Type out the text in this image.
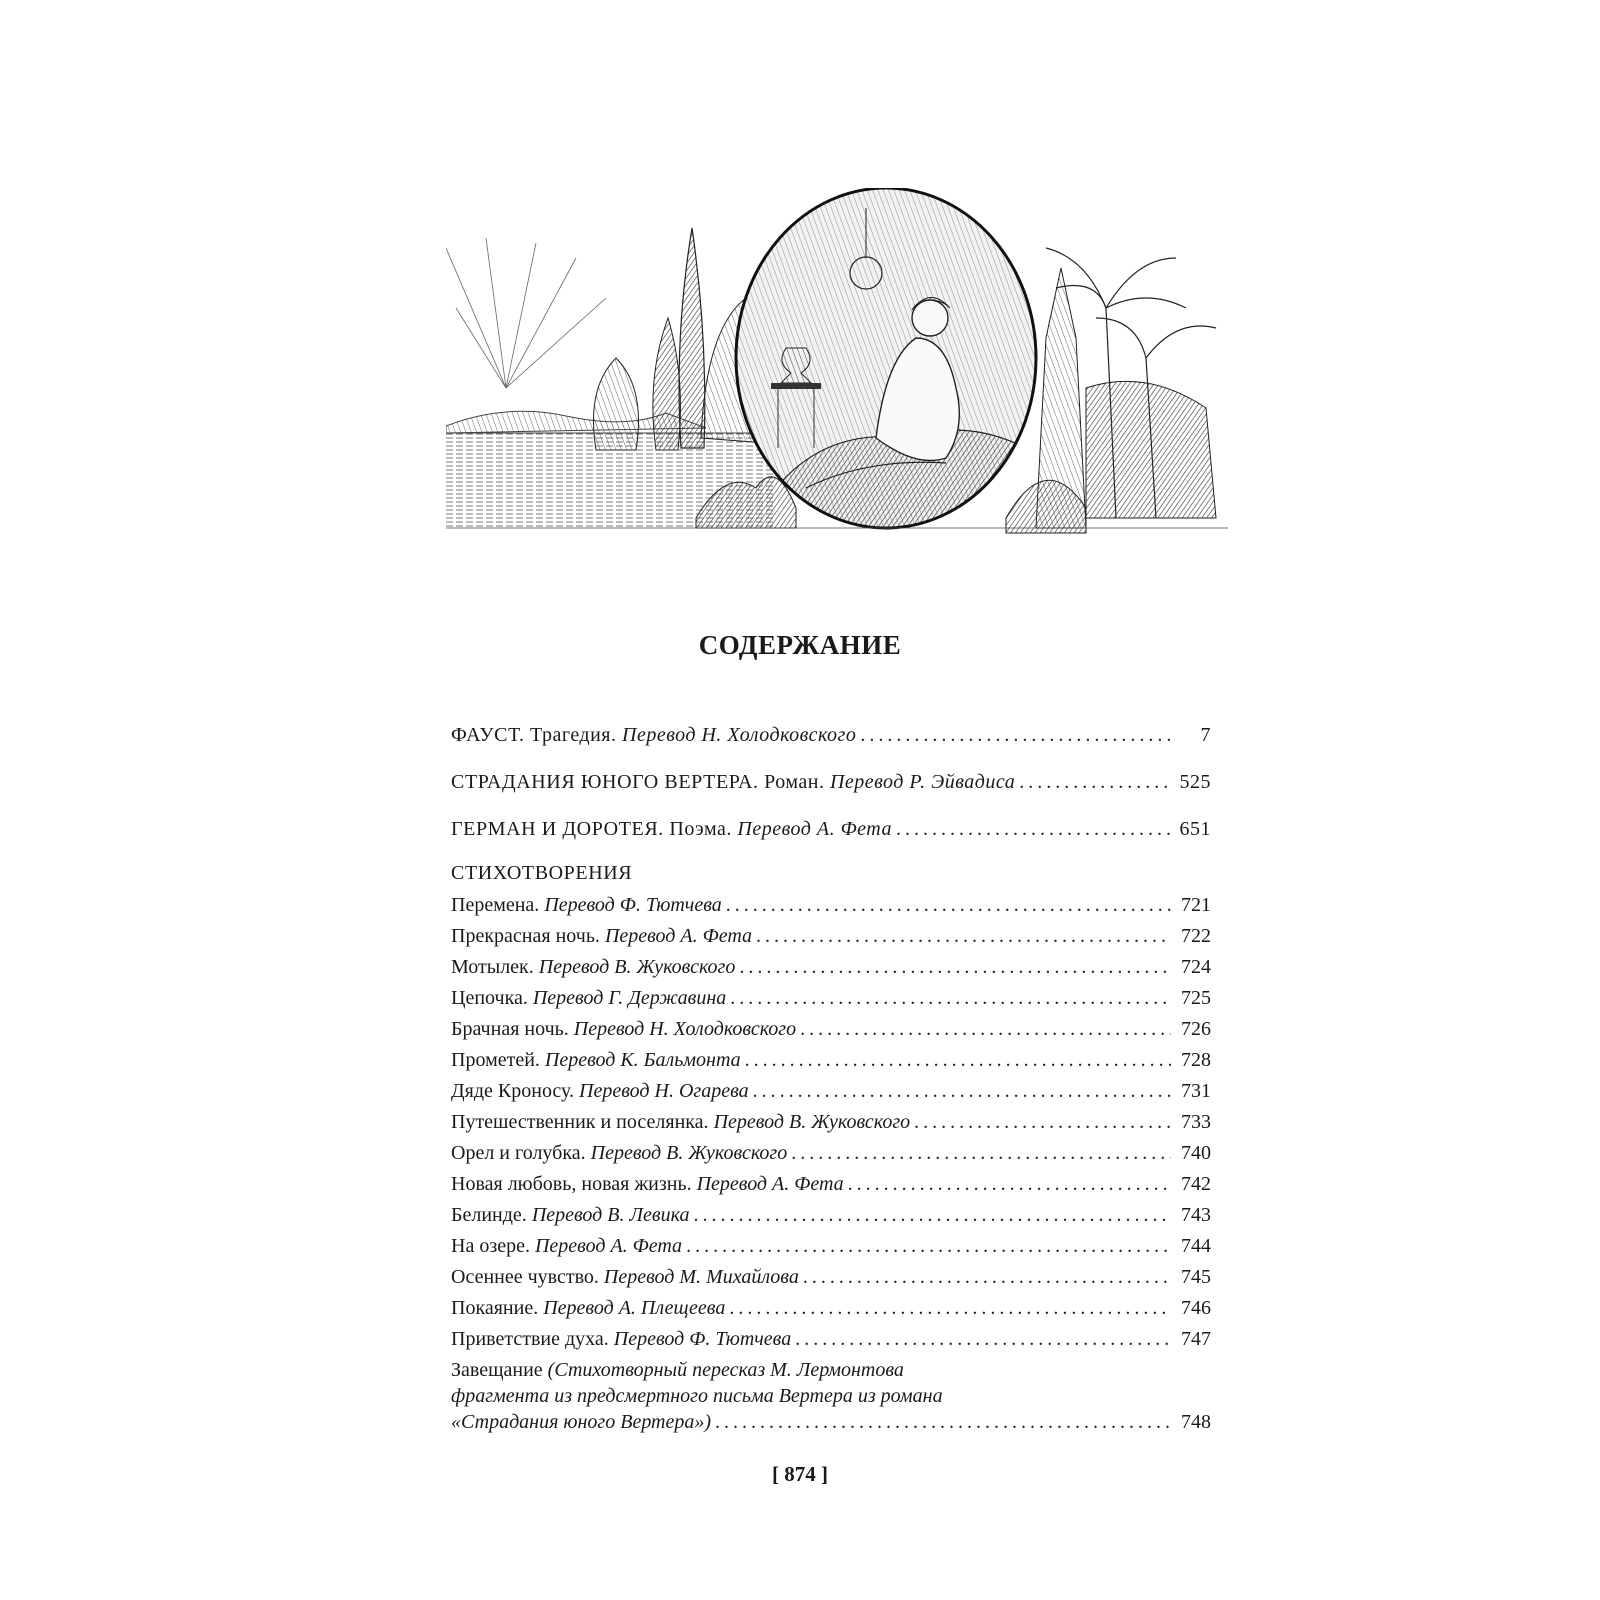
СОДЕРЖАНИЕ
ФАУСТ. Трагедия. Перевод Н. Холодковского . . .	7
СТРАДАНИЯ ЮНОГО ВЕРТЕРА. Роман. Перевод Р. Эйвадиса . . .	525
ГЕРМАН И ДОРОТЕЯ. Поэма. Перевод А. Фета . . .	651
СТИХОТВОРЕНИЯ
Перемена. Перевод Ф. Тютчева . . .	721
Прекрасная ночь. Перевод А. Фета . . .	722
Мотылек. Перевод В. Жуковского . . .	724
Цепочка. Перевод Г. Державина . . .	725
Брачная ночь. Перевод Н. Холодковского . . .	726
Прометей. Перевод К. Бальмонта . . .	728
Дяде Кроносу. Перевод Н. Огарева . . .	731
Путешественник и поселянка. Перевод В. Жуковского . . .	733
Орел и голубка. Перевод В. Жуковского . . .	740
Новая любовь, новая жизнь. Перевод А. Фета . . .	742
Белинде. Перевод В. Левика . . .	743
На озере. Перевод А. Фета . . .	744
Осеннее чувство. Перевод М. Михайлова . . .	745
Покаяние. Перевод А. Плещеева . . .	746
Приветствие духа. Перевод Ф. Тютчева . . .	747
Завещание (Стихотворный пересказ М. Лермонтова
фрагмента из предсмертного письма Вертера из романа
«Страдания юного Вертера») . . .	748
[ 874 ]
